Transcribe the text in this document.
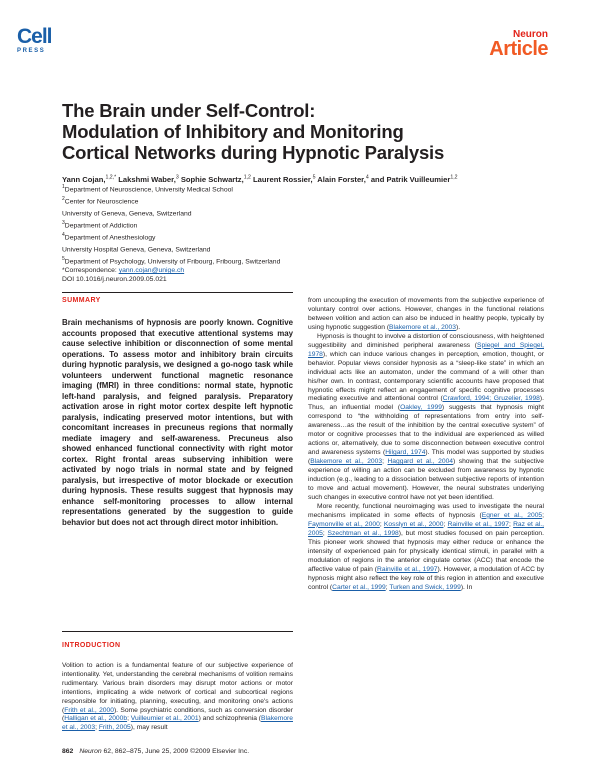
Cell
PRESS
Neuron
Article
The Brain under Self-Control:
Modulation of Inhibitory and Monitoring
Cortical Networks during Hypnotic Paralysis
Yann Cojan,$^{1,2,*}$ Lakshmi Waber,$^3$ Sophie Schwartz,$^{1,2}$ Laurent Rossier,$^5$ Alain Forster,$^4$ and Patrik Vuilleumier$^{1,2}$
$^1$Department of Neuroscience, University Medical School
$^2$Center for Neuroscience
University of Geneva, Geneva, Switzerland
$^3$Department of Addiction
$^4$Department of Anesthesiology
University Hospital Geneva, Geneva, Switzerland
$^5$Department of Psychology, University of Fribourg, Fribourg, Switzerland
*Correspondence: yann.cojan@unige.ch
DOI 10.1016/j.neuron.2009.05.021
SUMMARY
Brain mechanisms of hypnosis are poorly known. Cognitive accounts proposed that executive attentional systems may cause selective inhibition or disconnection of some mental operations. To assess motor and inhibitory brain circuits during hypnotic paralysis, we designed a go-nogo task while volunteers underwent functional magnetic resonance imaging (fMRI) in three conditions: normal state, hypnotic left-hand paralysis, and feigned paralysis. Preparatory activation arose in right motor cortex despite left hypnotic paralysis, indicating preserved motor intentions, but with concomitant increases in precuneus regions that normally mediate imagery and self-awareness. Precuneus also showed enhanced functional connectivity with right motor cortex. Right frontal areas subserving inhibition were activated by nogo trials in normal state and by feigned paralysis, but irrespective of motor blockade or execution during hypnosis. These results suggest that hypnosis may enhance self-monitoring processes to allow internal representations generated by the suggestion to guide behavior but does not act through direct motor inhibition.
INTRODUCTION

Volition to action is a fundamental feature of our subjective experience of intentionality. Yet, understanding the cerebral mechanisms of volition remains rudimentary. Various brain disorders may disrupt motor actions or motor intentions, implicating a wide network of cortical and subcortical regions responsible for initiating, planning, executing, and monitoring one's actions (Frith et al., 2000). Some psychiatric conditions, such as conversion disorder (Halligan et al., 2000b; Vuilleumier et al., 2001) and schizophrenia (Blakemore et al., 2003; Frith, 2005), may result

from uncoupling the execution of movements from the subjective experience of voluntary control over actions. However, changes in the functional relations between volition and action can also be induced in healthy people, typically by using hypnotic suggestion (Blakemore et al., 2003).

Hypnosis is thought to involve a distortion of consciousness, with heightened suggestibility and diminished peripheral awareness (Spiegel and Spiegel, 1978), which can induce various changes in perception, emotion, thought, or behavior. Popular views consider hypnosis as a “sleep-like state” in which an individual acts like an automaton, under the command of a will other than his/her own. In contrast, contemporary scientific accounts have proposed that hypnotic effects might reflect an engagement of specific cognitive processes mediating executive and attentional control (Crawford, 1994; Gruzelier, 1998). Thus, an influential model (Oakley, 1999) suggests that hypnosis might correspond to “the withholding of representations from entry into self-awareness…as the result of the inhibition by the central executive system” of motor or cognitive processes that to the individual are experienced as willed actions or, alternatively, due to some disconnection between executive control and awareness systems (Hilgard, 1974). This model was supported by studies (Blakemore et al., 2003; Haggard et al., 2004) showing that the subjective experience of willing an action can be excluded from awareness by hypnotic induction (e.g., leading to a dissociation between subjective reports of intention to move and actual movement). However, the neural substrates underlying such changes in executive control have not yet been identified.

More recently, functional neuroimaging was used to investigate the neural mechanisms implicated in some effects of hypnosis (Egner et al., 2005; Faymonville et al., 2000; Kosslyn et al., 2000; Rainville et al., 1997; Raz et al., 2005; Szechtman et al., 1998), but most studies focused on pain perception. This pioneer work showed that hypnosis may either reduce or enhance the intensity of experienced pain for physically identical stimuli, in parallel with a modulation of regions in the anterior cingulate cortex (ACC) that encode the affective value of pain (Rainville et al., 1997). However, a modulation of ACC by hypnosis might also reflect the key role of this region in attention and executive control (Carter et al., 1999; Turken and Swick, 1999). In

862 Neuron 62, 862–875, June 25, 2009 ©2009 Elsevier Inc.
